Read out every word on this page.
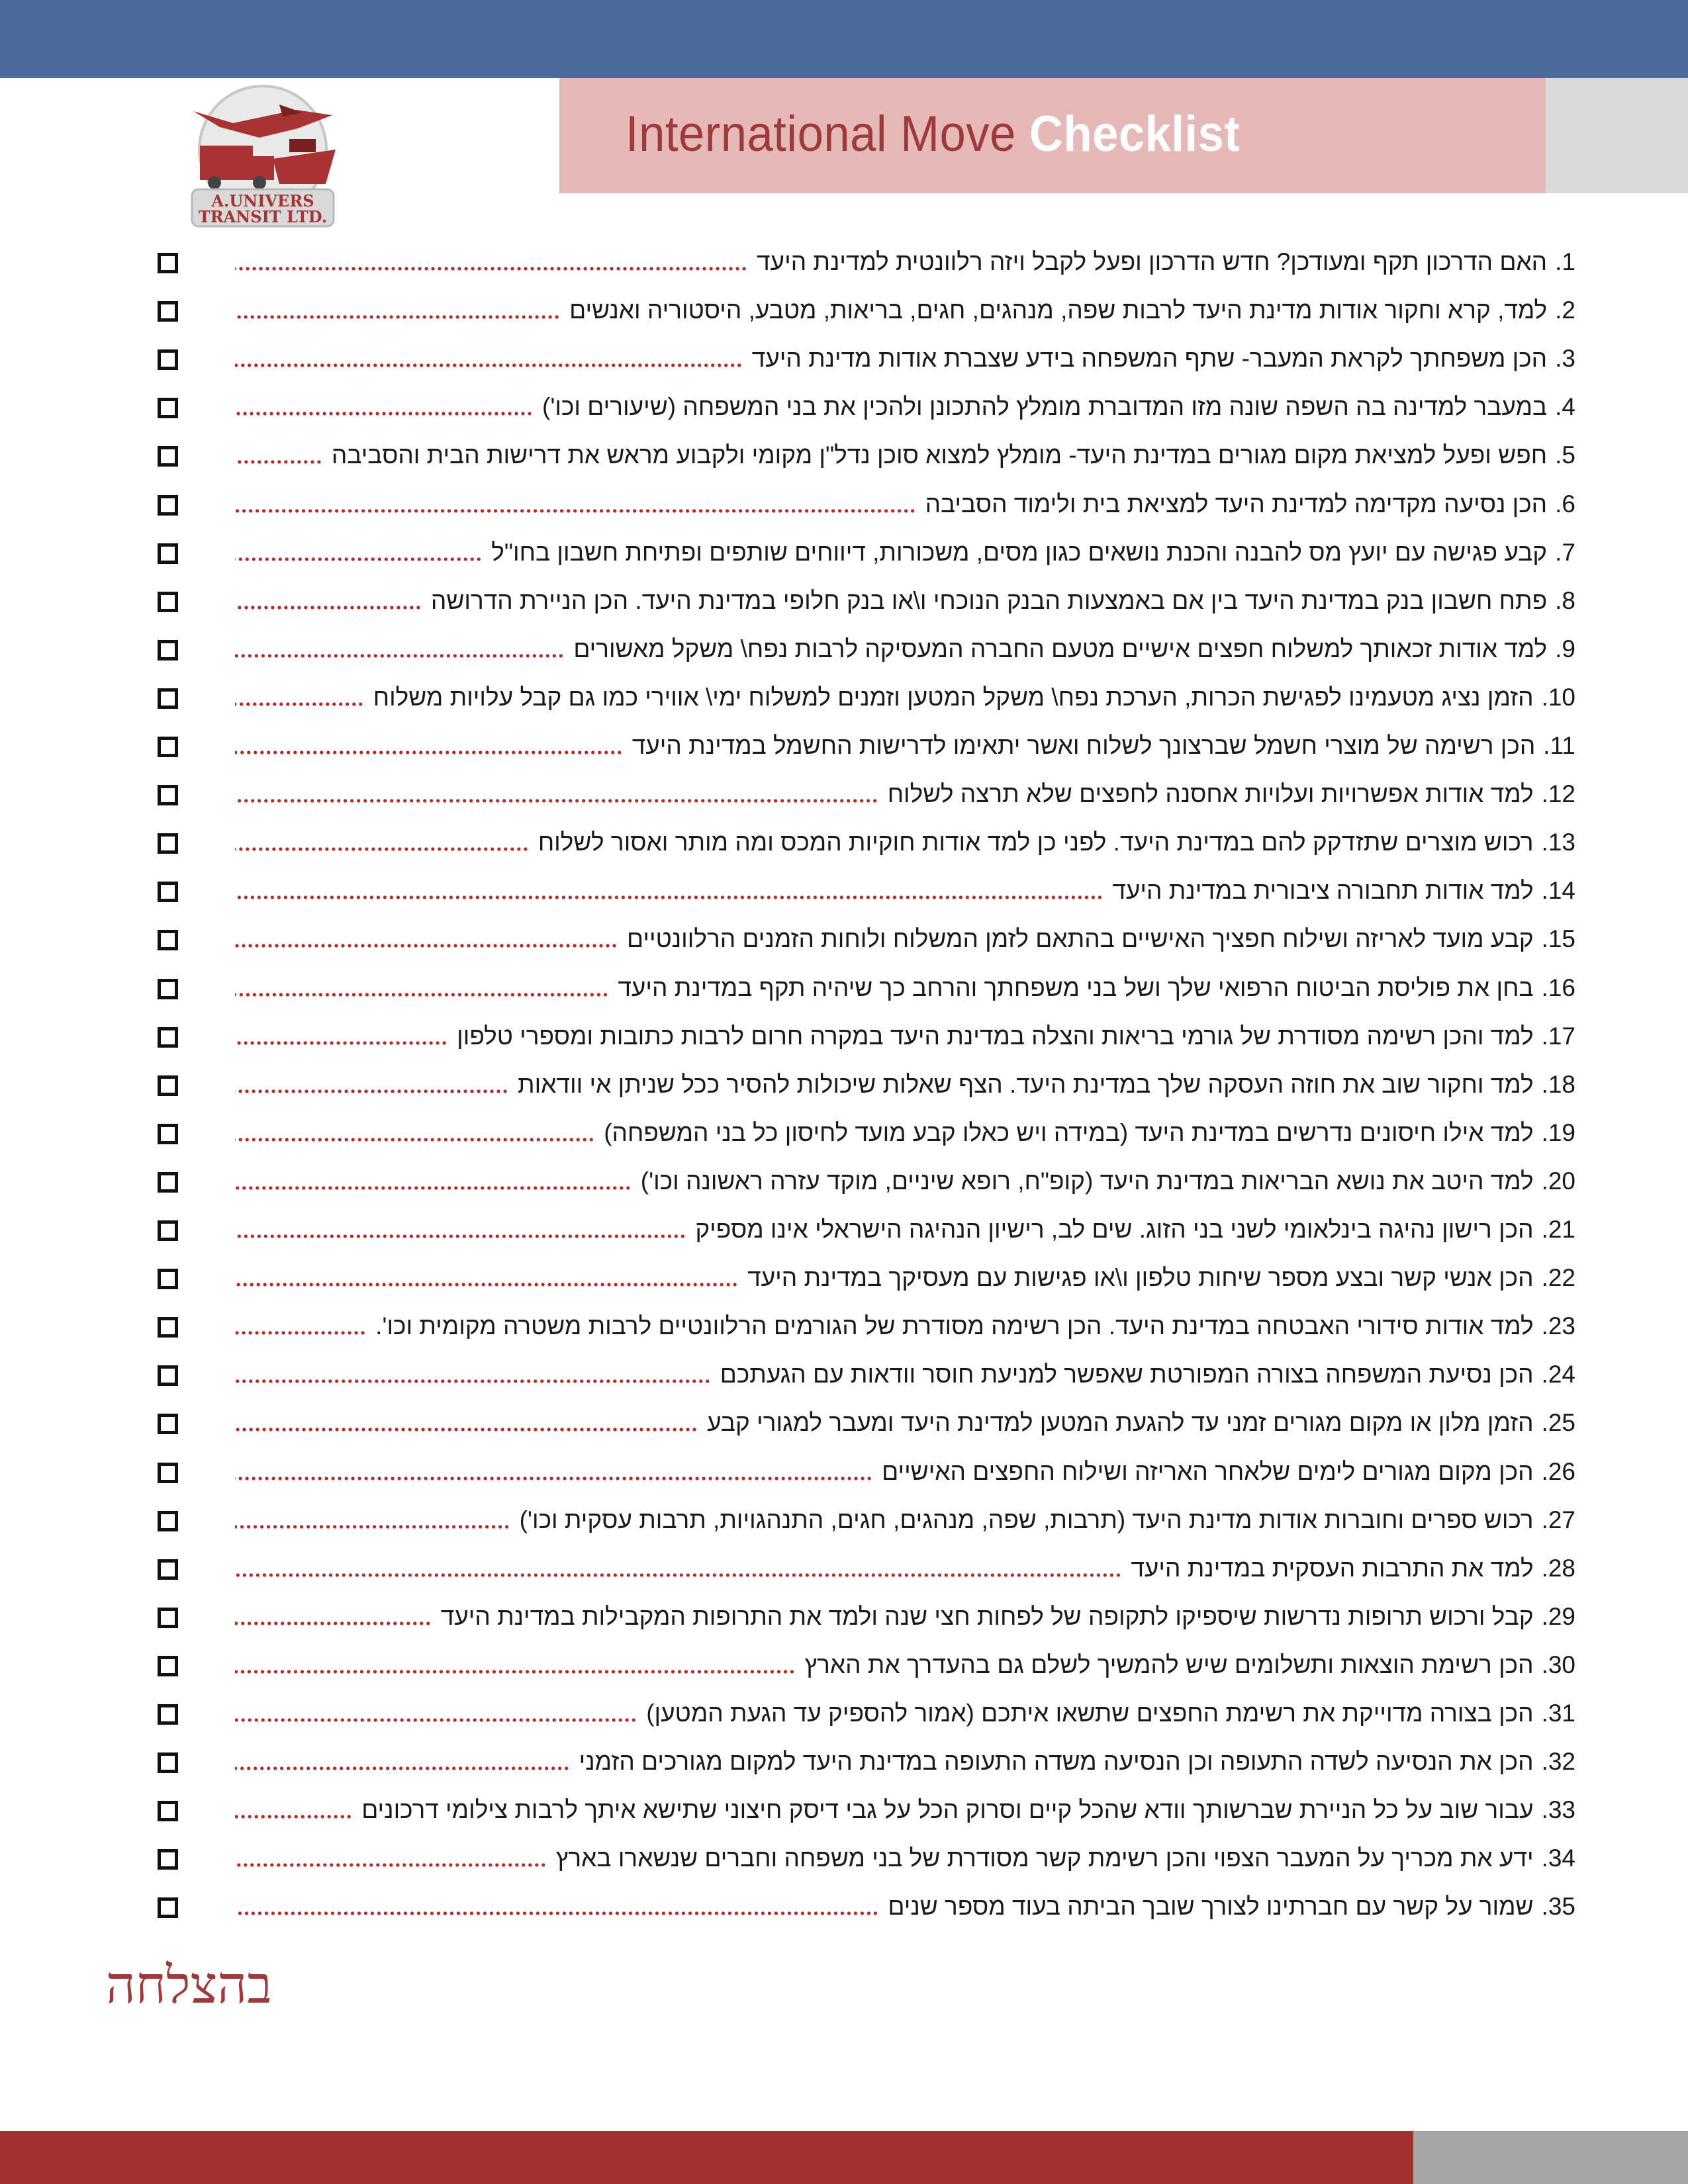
International Move Checklist
A.UNIVERS
TRANSIT LTD.
.1
האם הדרכון תקף ומעודכן? חדש הדרכון ופעל לקבל ויזה רלוונטית למדינת היעד
.2
למד, קרא וחקור אודות מדינת היעד לרבות שפה, מנהגים, חגים, בריאות, מטבע, היסטוריה ואנשים
.3
הכן משפחתך לקראת המעבר- שתף המשפחה בידע שצברת אודות מדינת היעד
.4
במעבר למדינה בה השפה שונה מזו המדוברת מומלץ להתכונן ולהכין את בני המשפחה (שיעורים וכו')
.5
חפש ופעל למציאת מקום מגורים במדינת היעד- מומלץ למצוא סוכן נדל"ן מקומי ולקבוע מראש את דרישות הבית והסביבה
.6
הכן נסיעה מקדימה למדינת היעד למציאת בית ולימוד הסביבה
.7
קבע פגישה עם יועץ מס להבנה והכנת נושאים כגון מסים, משכורות, דיווחים שותפים ופתיחת חשבון בחו"ל
.8
פתח חשבון בנק במדינת היעד בין אם באמצעות הבנק הנוכחי ו\או בנק חלופי במדינת היעד. הכן הניירת הדרושה
.9
למד אודות זכאותך למשלוח חפצים אישיים מטעם החברה המעסיקה לרבות נפח\ משקל מאשורים
.10
הזמן נציג מטעמינו לפגישת הכרות, הערכת נפח\ משקל המטען וזמנים למשלוח ימי\ אווירי כמו גם קבל עלויות משלוח
.11
הכן רשימה של מוצרי חשמל שברצונך לשלוח ואשר יתאימו לדרישות החשמל במדינת היעד
.12
למד אודות אפשרויות ועלויות אחסנה לחפצים שלא תרצה לשלוח
.13
רכוש מוצרים שתזדקק להם במדינת היעד. לפני כן למד אודות חוקיות המכס ומה מותר ואסור לשלוח
.14
למד אודות תחבורה ציבורית במדינת היעד
.15
קבע מועד לאריזה ושילוח חפציך האישיים בהתאם לזמן המשלוח ולוחות הזמנים הרלוונטיים
.16
בחן את פוליסת הביטוח הרפואי שלך ושל בני משפחתך והרחב כך שיהיה תקף במדינת היעד
.17
למד והכן רשימה מסודרת של גורמי בריאות והצלה במדינת היעד במקרה חרום לרבות כתובות ומספרי טלפון
.18
למד וחקור שוב את חוזה העסקה שלך במדינת היעד. הצף שאלות שיכולות להסיר ככל שניתן אי וודאות
.19
למד אילו חיסונים נדרשים במדינת היעד (במידה ויש כאלו קבע מועד לחיסון כל בני המשפחה)
.20
למד היטב את נושא הבריאות במדינת היעד (קופ"ח, רופא שיניים, מוקד עזרה ראשונה וכו')
.21
הכן רישון נהיגה בינלאומי לשני בני הזוג. שים לב, רישיון הנהיגה הישראלי אינו מספיק
.22
הכן אנשי קשר ובצע מספר שיחות טלפון ו\או פגישות עם מעסיקך במדינת היעד
.23
למד אודות סידורי האבטחה במדינת היעד. הכן רשימה מסודרת של הגורמים הרלוונטיים לרבות משטרה מקומית וכו'.
.24
הכן נסיעת המשפחה בצורה המפורטת שאפשר למניעת חוסר וודאות עם הגעתכם
.25
הזמן מלון או מקום מגורים זמני עד להגעת המטען למדינת היעד ומעבר למגורי קבע
.26
הכן מקום מגורים לימים שלאחר האריזה ושילוח החפצים האישיים
.27
רכוש ספרים וחוברות אודות מדינת היעד (תרבות, שפה, מנהגים, חגים, התנהגויות, תרבות עסקית וכו')
.28
למד את התרבות העסקית במדינת היעד
.29
קבל ורכוש תרופות נדרשות שיספיקו לתקופה של לפחות חצי שנה ולמד את התרופות המקבילות במדינת היעד
.30
הכן רשימת הוצאות ותשלומים שיש להמשיך לשלם גם בהעדרך את הארץ
.31
הכן בצורה מדוייקת את רשימת החפצים שתשאו איתכם (אמור להספיק עד הגעת המטען)
.32
הכן את הנסיעה לשדה התעופה וכן הנסיעה משדה התעופה במדינת היעד למקום מגורכים הזמני
.33
עבור שוב על כל הניירת שברשותך וודא שהכל קיים וסרוק הכל על גבי דיסק חיצוני שתישא איתך לרבות צילומי דרכונים
.34
ידע את מכריך על המעבר הצפוי והכן רשימת קשר מסודרת של בני משפחה וחברים שנשארו בארץ
.35
שמור על קשר עם חברתינו לצורך שובך הביתה בעוד מספר שנים
בהצלחה
